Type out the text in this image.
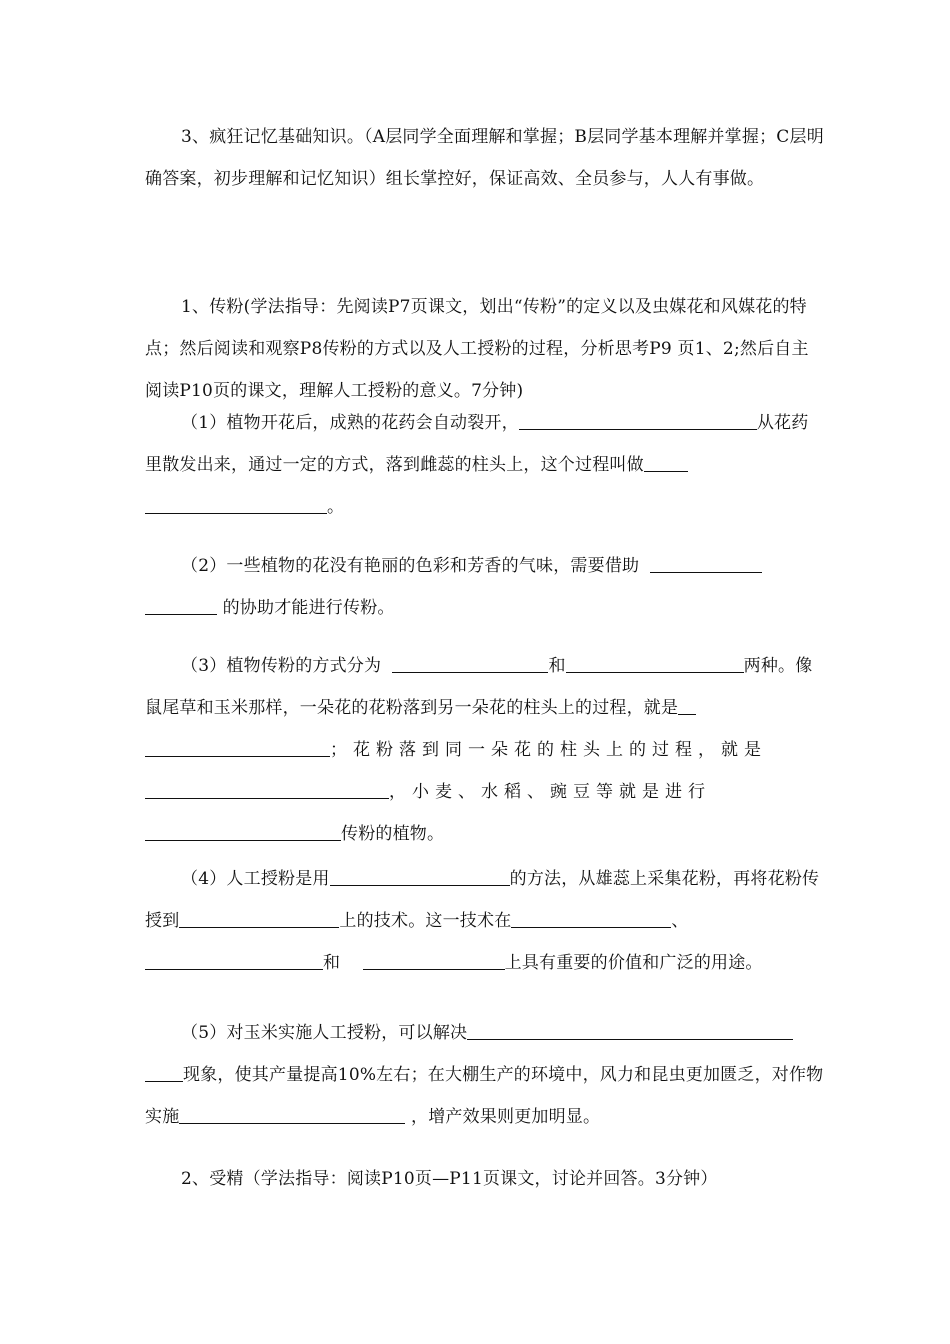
3、疯狂记忆基础知识。（A层同学全面理解和掌握；B层同学基本理解并掌握；C层明确答案，初步理解和记忆知识）组长掌控好，保证高效、全员参与，人人有事做。

1、传粉(学法指导：先阅读P7页课文，划出“传粉”的定义以及虫媒花和风媒花的特点；然后阅读和观察P8传粉的方式以及人工授粉的过程，分析思考P9 页1、2;然后自主阅读P10页的课文，理解人工授粉的意义。7分钟)

（1）植物开花后，成熟的花药会自动裂开，	从花药里散发出来，通过一定的方式，落到雌蕊的柱头上，这个过程叫做。

（2）一些植物的花没有艳丽的色彩和芳香的气味，需要借助   的协助才能进行传粉。

（3）植物传粉的方式分为	和	两种。像鼠尾草和玉米那样，一朵花的花粉落到另一朵花的柱头上的过程，就是；花粉落到同一朵花的柱头上的过程，就是  ，小麦、水稻、豌豆等就是进行传粉的植物。

（4）人工授粉是用	的方法，从雄蕊上采集花粉，再将花粉传授到	上的技术。这一技术在	、和	上具有重要的价值和广泛的用途。

（5）对玉米实施人工授粉，可以解决现象，使其产量提高10%左右；在大棚生产的环境中，风力和昆虫更加匮乏，对作物实施	，增产效果则更加明显。

2、受精（学法指导：阅读P10页—P11页课文，讨论并回答。3分钟）
